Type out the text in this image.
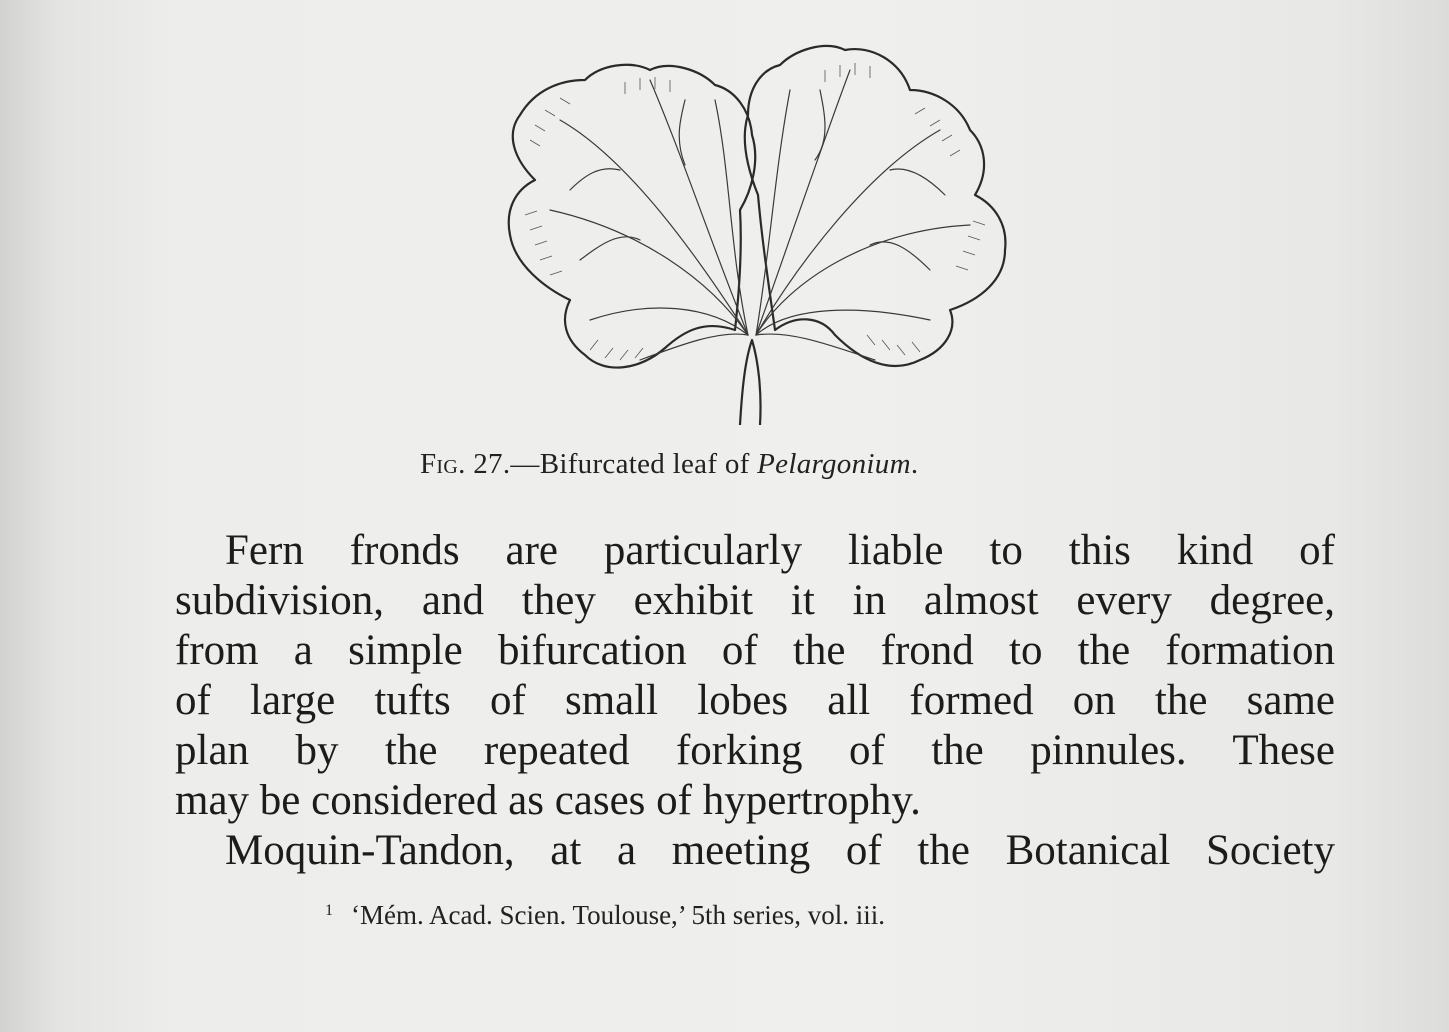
Fig. 27.—Bifurcated leaf of Pelargonium.
Fern fronds are particularly liable to this kind of
subdivision, and they exhibit it in almost every degree,
from a simple bifurcation of the frond to the formation
of large tufts of small lobes all formed on the same
plan by the repeated forking of the pinnules. These
may be considered as cases of hypertrophy.
Moquin-Tandon, at a meeting of the Botanical Society
$^1$ ‘Mém. Acad. Scien. Toulouse,’ 5th series, vol. iii.
